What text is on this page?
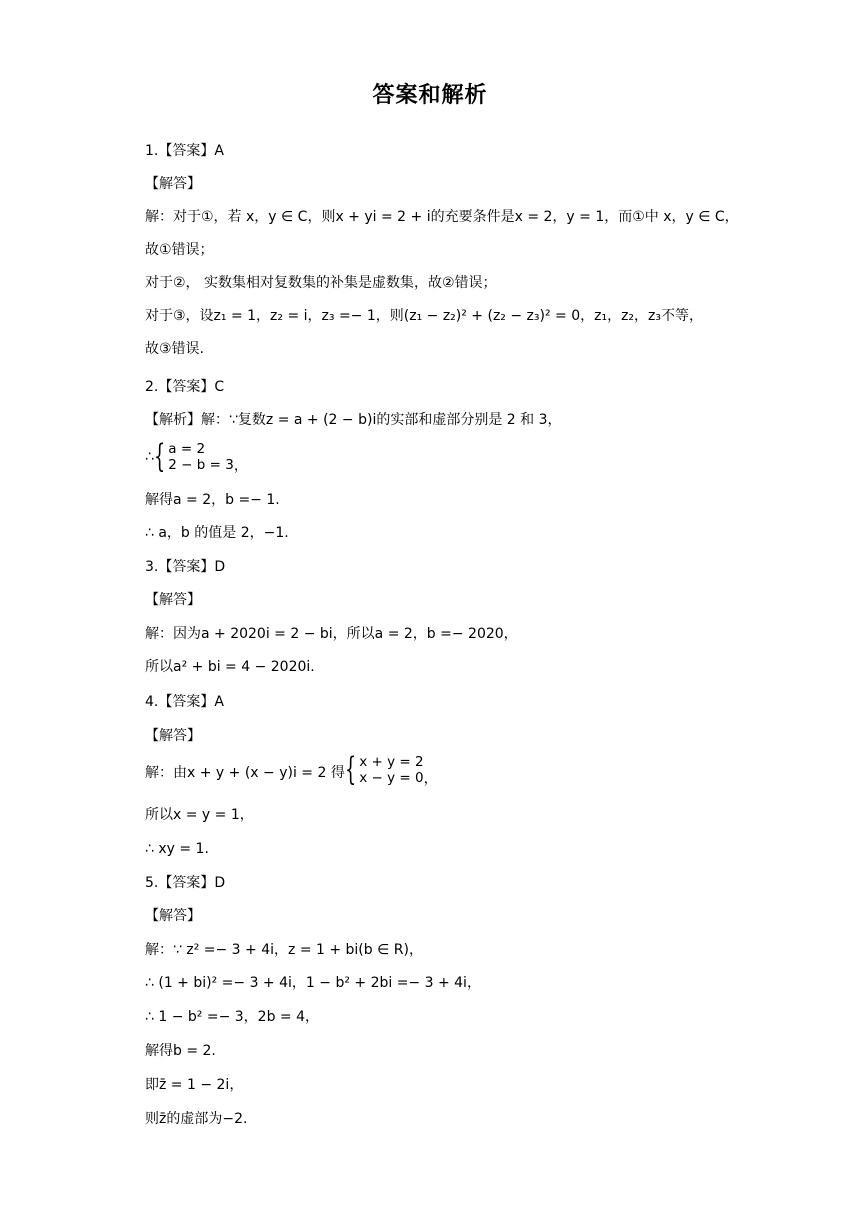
答案和解析
1.【答案】A
【解答】
解：对于①，若 x，y ∈ C，则x + yi = 2 + i的充要条件是x = 2，y = 1，而①中 x，y ∈ C，
故①错误；
对于②， 实数集相对复数集的补集是虚数集，故②错误；
对于③，设z₁ = 1，z₂ = i，z₃ =− 1，则(z₁ − z₂)² + (z₂ − z₃)² = 0，z₁，z₂，z₃不等，
故③错误.
2.【答案】C
【解析】解：∵复数z = a + (2 − b)i的实部和虚部分别是 2 和 3，
∴{ a = 2
2 − b = 3 ，
解得a = 2，b =− 1.
∴ a，b 的值是 2，−1.
3.【答案】D
【解答】
解：因为a + 2020i = 2 − bi，所以a = 2，b =− 2020，
所以a² + bi = 4 − 2020i.
4.【答案】A
【解答】
解：由x + y + (x − y)i = 2 得{ x + y = 2
x − y = 0 ，
所以x = y = 1，
∴ xy = 1.
5.【答案】D
【解答】
解：∵ z² =− 3 + 4i，z = 1 + bi(b ∈ R)，
∴ (1 + bi)² =− 3 + 4i，1 − b² + 2bi =− 3 + 4i，
∴ 1 − b² =− 3，2b = 4，
解得b = 2.
即z̄ = 1 − 2i，
则z̄的虚部为−2.
